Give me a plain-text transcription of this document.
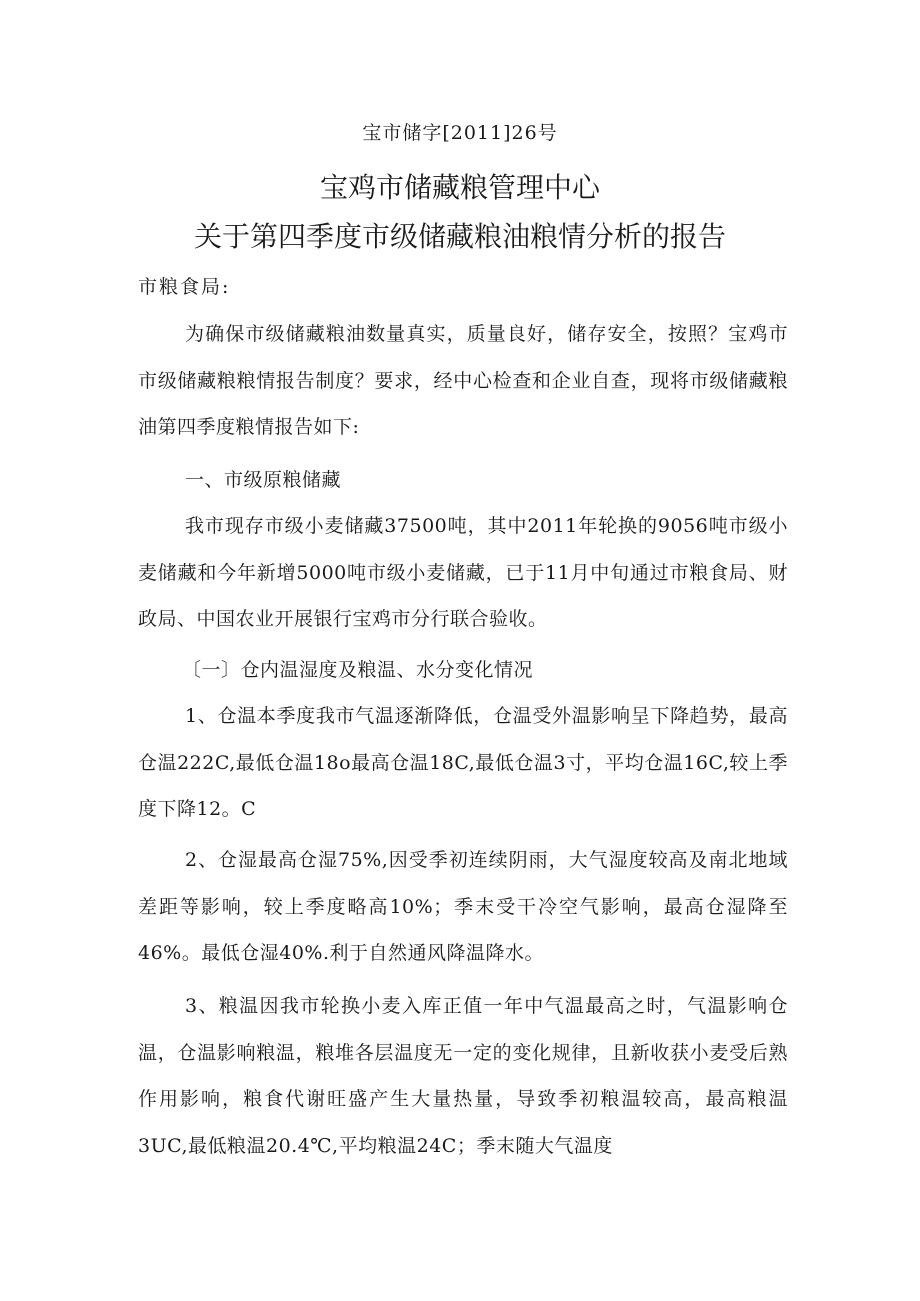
宝市储字[2011]26号
宝鸡市储藏粮管理中心
关于第四季度市级储藏粮油粮情分析的报告
市粮食局:
为确保市级储藏粮油数量真实，质量良好，储存安全，按照？宝鸡市市级储藏粮粮情报告制度？要求，经中心检查和企业自查，现将市级储藏粮油第四季度粮情报告如下:
一、市级原粮储藏
我市现存市级小麦储藏37500吨，其中2011年轮换的9056吨市级小麦储藏和今年新增5000吨市级小麦储藏，已于11月中旬通过市粮食局、财政局、中国农业开展银行宝鸡市分行联合验收。
〔一〕仓内温湿度及粮温、水分变化情况
1、仓温本季度我市气温逐渐降低，仓温受外温影响呈下降趋势，最高仓温222C,最低仓温18o最高仓温18C,最低仓温3寸，平均仓温16C,较上季度下降12。C
2、仓湿最高仓湿75%,因受季初连续阴雨，大气湿度较高及南北地域差距等影响，较上季度略高10%；季末受干冷空气影响，最高仓湿降至46%。最低仓湿40%.利于自然通风降温降水。
3、粮温因我市轮换小麦入库正值一年中气温最高之时，气温影响仓温，仓温影响粮温，粮堆各层温度无一定的变化规律，且新收获小麦受后熟作用影响，粮食代谢旺盛产生大量热量，导致季初粮温较高，最高粮温3UC,最低粮温20.4℃,平均粮温24C；季末随大气温度
